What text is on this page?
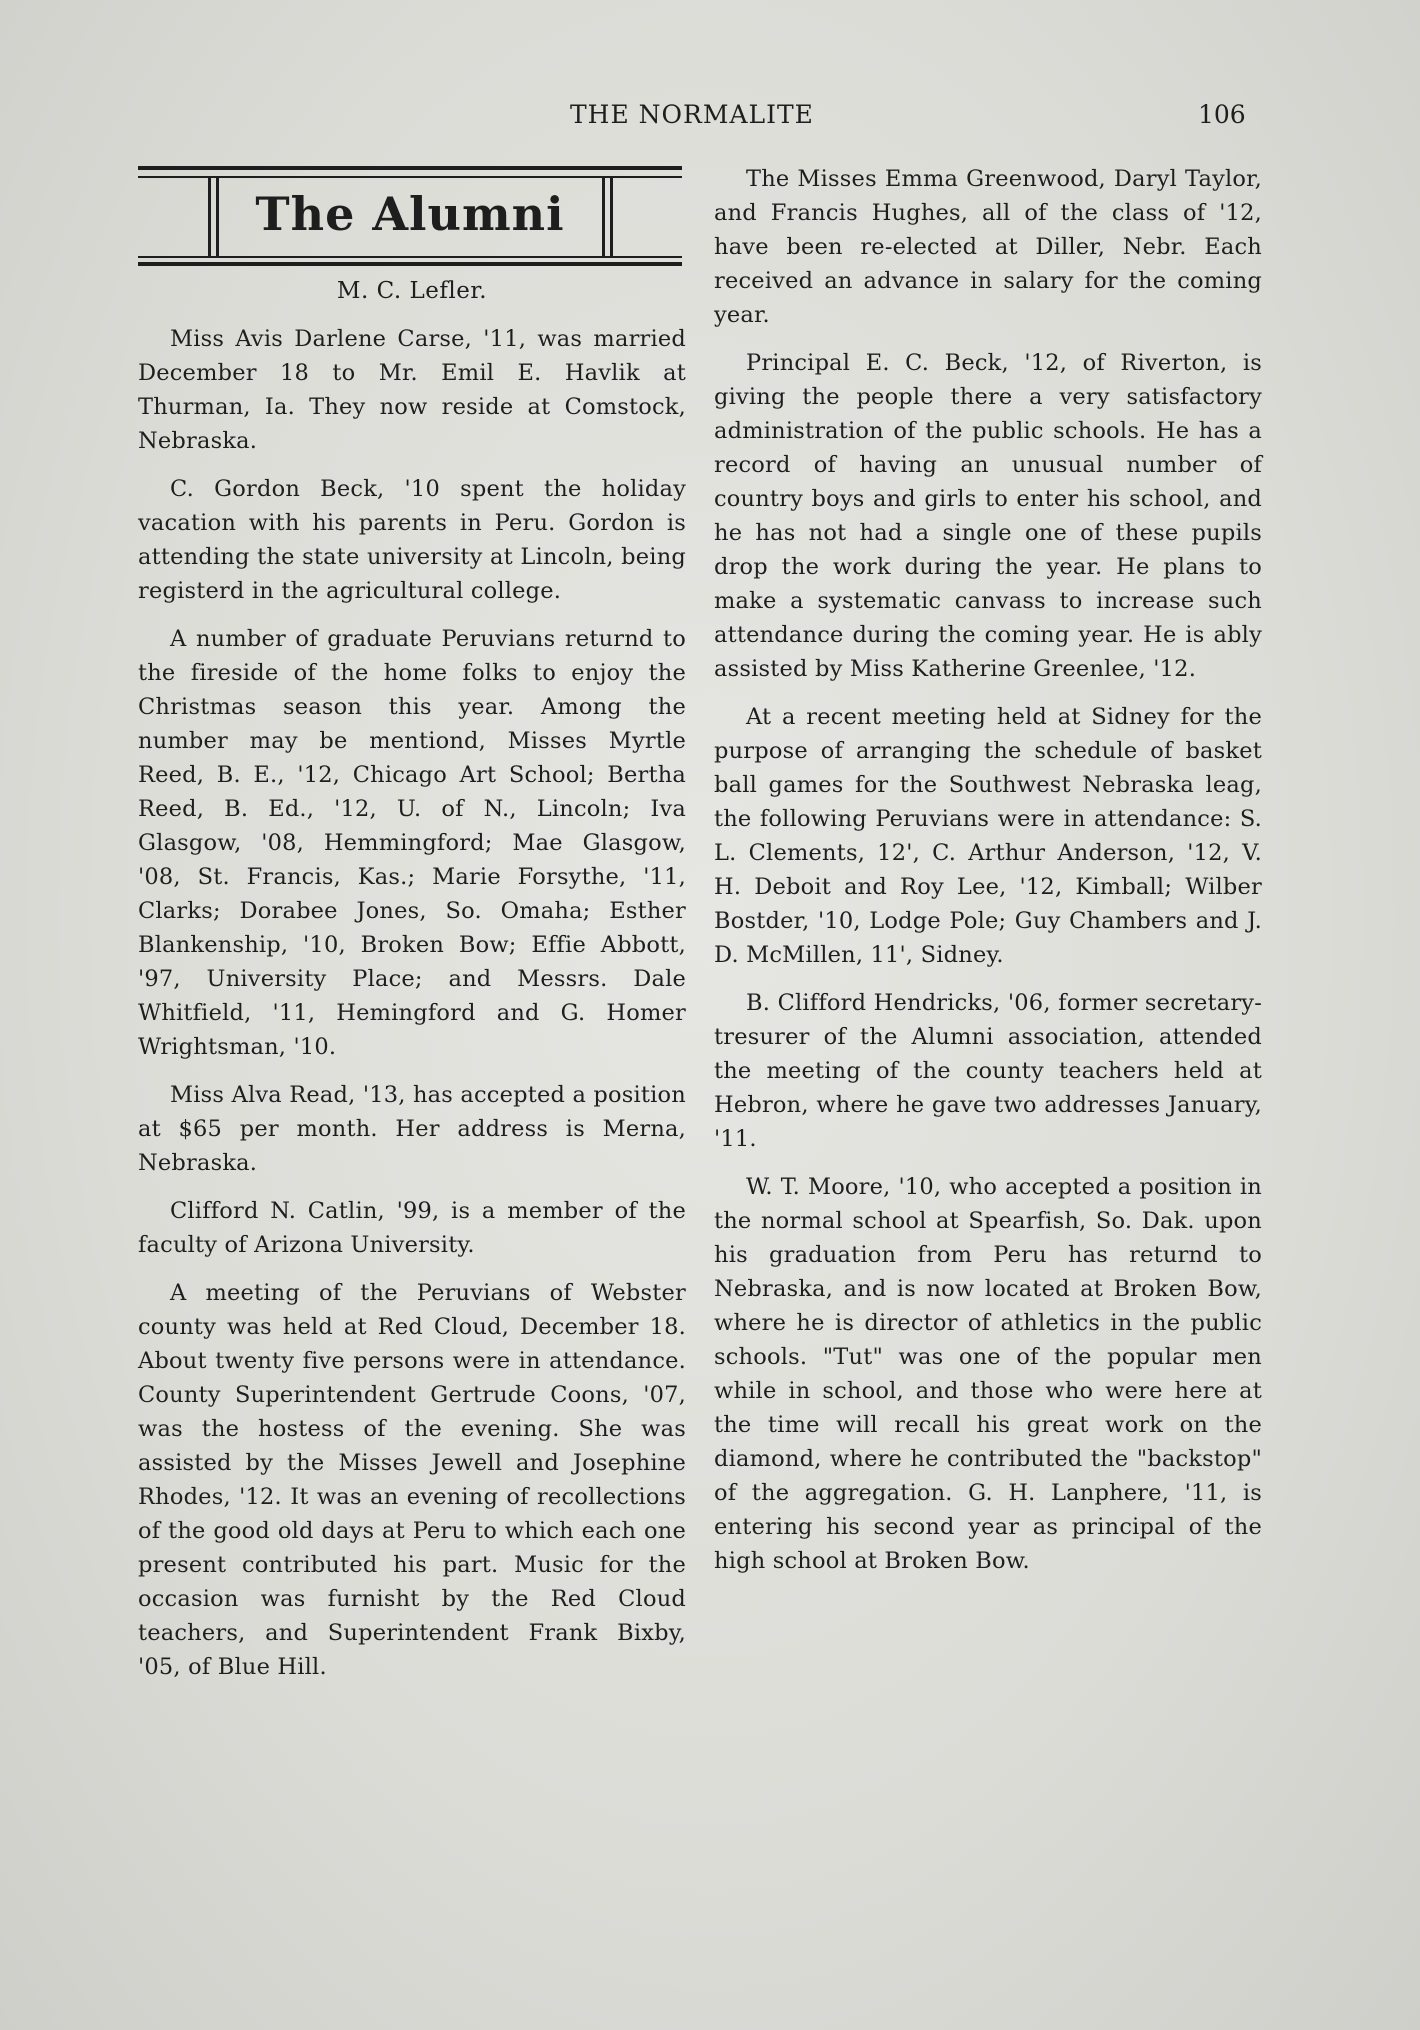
THE NORMALITE	106
The Alumni
M. C. Lefler.

Miss Avis Darlene Carse, '11, was married December 18 to Mr. Emil E. Havlik at Thurman, Ia. They now reside at Comstock, Nebraska.

C. Gordon Beck, '10 spent the holiday vacation with his parents in Peru. Gordon is attending the state university at Lincoln, being registerd in the agricultural college.

A number of graduate Peruvians returnd to the fireside of the home folks to enjoy the Christmas season this year. Among the number may be mentiond, Misses Myrtle Reed, B. E., '12, Chicago Art School; Bertha Reed, B. Ed., '12, U. of N., Lincoln; Iva Glasgow, '08, Hemmingford; Mae Glasgow, '08, St. Francis, Kas.; Marie Forsythe, '11, Clarks; Dorabee Jones, So. Omaha; Esther Blankenship, '10, Broken Bow; Effie Abbott, '97, University Place; and Messrs. Dale Whitfield, '11, Hemingford and G. Homer Wrightsman, '10.

Miss Alva Read, '13, has accepted a position at $65 per month. Her address is Merna, Nebraska.

Clifford N. Catlin, '99, is a member of the faculty of Arizona University.

A meeting of the Peruvians of Webster county was held at Red Cloud, December 18. About twenty five persons were in attendance. County Superintendent Gertrude Coons, '07, was the hostess of the evening. She was assisted by the Misses Jewell and Josephine Rhodes, '12. It was an evening of recollections of the good old days at Peru to which each one present contributed his part. Music for the occasion was furnisht by the Red Cloud teachers, and Superintendent Frank Bixby, '05, of Blue Hill.

The Misses Emma Greenwood, Daryl Taylor, and Francis Hughes, all of the class of '12, have been re-elected at Diller, Nebr. Each received an advance in salary for the coming year.

Principal E. C. Beck, '12, of Riverton, is giving the people there a very satisfactory administration of the public schools. He has a record of having an unusual number of country boys and girls to enter his school, and he has not had a single one of these pupils drop the work during the year. He plans to make a systematic canvass to increase such attendance during the coming year. He is ably assisted by Miss Katherine Greenlee, '12.

At a recent meeting held at Sidney for the purpose of arranging the schedule of basket ball games for the Southwest Nebraska leag, the following Peruvians were in attendance: S. L. Clements, 12', C. Arthur Anderson, '12, V. H. Deboit and Roy Lee, '12, Kimball; Wilber Bostder, '10, Lodge Pole; Guy Chambers and J. D. McMillen, 11', Sidney.

B. Clifford Hendricks, '06, former secretary-tresurer of the Alumni association, attended the meeting of the county teachers held at Hebron, where he gave two addresses January, '11.

W. T. Moore, '10, who accepted a position in the normal school at Spearfish, So. Dak. upon his graduation from Peru has returnd to Nebraska, and is now located at Broken Bow, where he is director of athletics in the public schools. "Tut" was one of the popular men while in school, and those who were here at the time will recall his great work on the diamond, where he contributed the "backstop" of the aggregation. G. H. Lanphere, '11, is entering his second year as principal of the high school at Broken Bow.
